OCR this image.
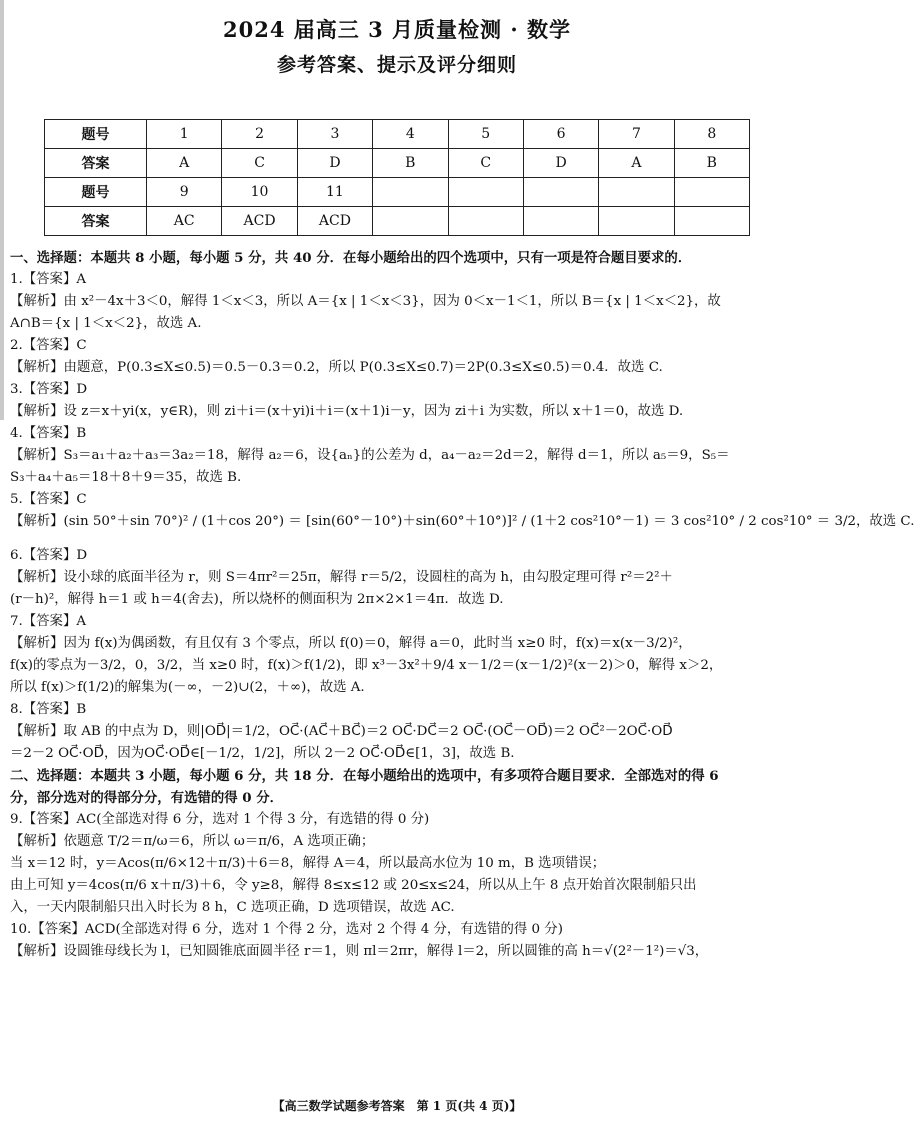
2024 届高三 3 月质量检测 · 数学
参考答案、提示及评分细则
题号	1	2	3	4	5	6	7	8
答案	A	C	D	B	C	D	A	B
题号	9	10	11					
答案	AC	ACD	ACD					
一、选择题：本题共 8 小题，每小题 5 分，共 40 分．在每小题给出的四个选项中，只有一项是符合题目要求的．
1.【答案】A
【解析】由 x²－4x＋3＜0，解得 1＜x＜3，所以 A＝{x | 1＜x＜3}，因为 0＜x－1＜1，所以 B＝{x | 1＜x＜2}，故
A∩B＝{x | 1＜x＜2}，故选 A.
2.【答案】C
【解析】由题意，P(0.3≤X≤0.5)＝0.5－0.3＝0.2，所以 P(0.3≤X≤0.7)＝2P(0.3≤X≤0.5)＝0.4．故选 C.
3.【答案】D
【解析】设 z＝x＋yi(x，y∈R)，则 zi＋i＝(x＋yi)i＋i＝(x＋1)i－y，因为 zi＋i 为实数，所以 x＋1＝0，故选 D.
4.【答案】B
【解析】S₃＝a₁＋a₂＋a₃＝3a₂＝18，解得 a₂＝6，设{aₙ}的公差为 d，a₄－a₂＝2d＝2，解得 d＝1，所以 a₅＝9，S₅＝
S₃＋a₄＋a₅＝18＋8＋9＝35，故选 B.
5.【答案】C
【解析】(sin 50°＋sin 70°)² / (1＋cos 20°) ＝ [sin(60°－10°)＋sin(60°＋10°)]² / (1＋2 cos²10°－1) ＝ 3 cos²10° / 2 cos²10° ＝ 3/2，故选 C.
6.【答案】D
【解析】设小球的底面半径为 r，则 S＝4πr²＝25π，解得 r＝5/2，设圆柱的高为 h，由勾股定理可得 r²＝2²＋
(r－h)²，解得 h＝1 或 h＝4(舍去)，所以烧杯的侧面积为 2π×2×1＝4π．故选 D.
7.【答案】A
【解析】因为 f(x)为偶函数，有且仅有 3 个零点，所以 f(0)＝0，解得 a＝0，此时当 x≥0 时，f(x)＝x(x－3/2)²，
f(x)的零点为－3/2，0，3/2，当 x≥0 时，f(x)＞f(1/2)，即 x³－3x²＋9/4 x－1/2＝(x－1/2)²(x－2)＞0，解得 x＞2，
所以 f(x)＞f(1/2)的解集为(－∞，－2)∪(2，＋∞)，故选 A.
8.【答案】B
【解析】取 AB 的中点为 D，则|OD⃗|＝1/2，OC⃗·(AC⃗＋BC⃗)＝2 OC⃗·DC⃗＝2 OC⃗·(OC⃗－OD⃗)＝2 OC⃗²－2OC⃗·OD⃗
＝2－2 OC⃗·OD⃗，因为OC⃗·OD⃗∈[－1/2，1/2]，所以 2－2 OC⃗·OD⃗∈[1，3]，故选 B.
二、选择题：本题共 3 小题，每小题 6 分，共 18 分．在每小题给出的选项中，有多项符合题目要求．全部选对的得 6
分，部分选对的得部分分，有选错的得 0 分．
9.【答案】AC(全部选对得 6 分，选对 1 个得 3 分，有选错的得 0 分)
【解析】依题意 T/2＝π/ω＝6，所以 ω＝π/6，A 选项正确；
当 x＝12 时，y＝Acos(π/6×12＋π/3)＋6＝8，解得 A＝4，所以最高水位为 10 m，B 选项错误；
由上可知 y＝4cos(π/6 x＋π/3)＋6，令 y≥8，解得 8≤x≤12 或 20≤x≤24，所以从上午 8 点开始首次限制船只出
入，一天内限制船只出入时长为 8 h，C 选项正确，D 选项错误，故选 AC.
10.【答案】ACD(全部选对得 6 分，选对 1 个得 2 分，选对 2 个得 4 分，有选错的得 0 分)
【解析】设圆锥母线长为 l，已知圆锥底面圆半径 r＝1，则 πl＝2πr，解得 l＝2，所以圆锥的高 h＝√(2²－1²)＝√3，
【高三数学试题参考答案　第 1 页(共 4 页)】
